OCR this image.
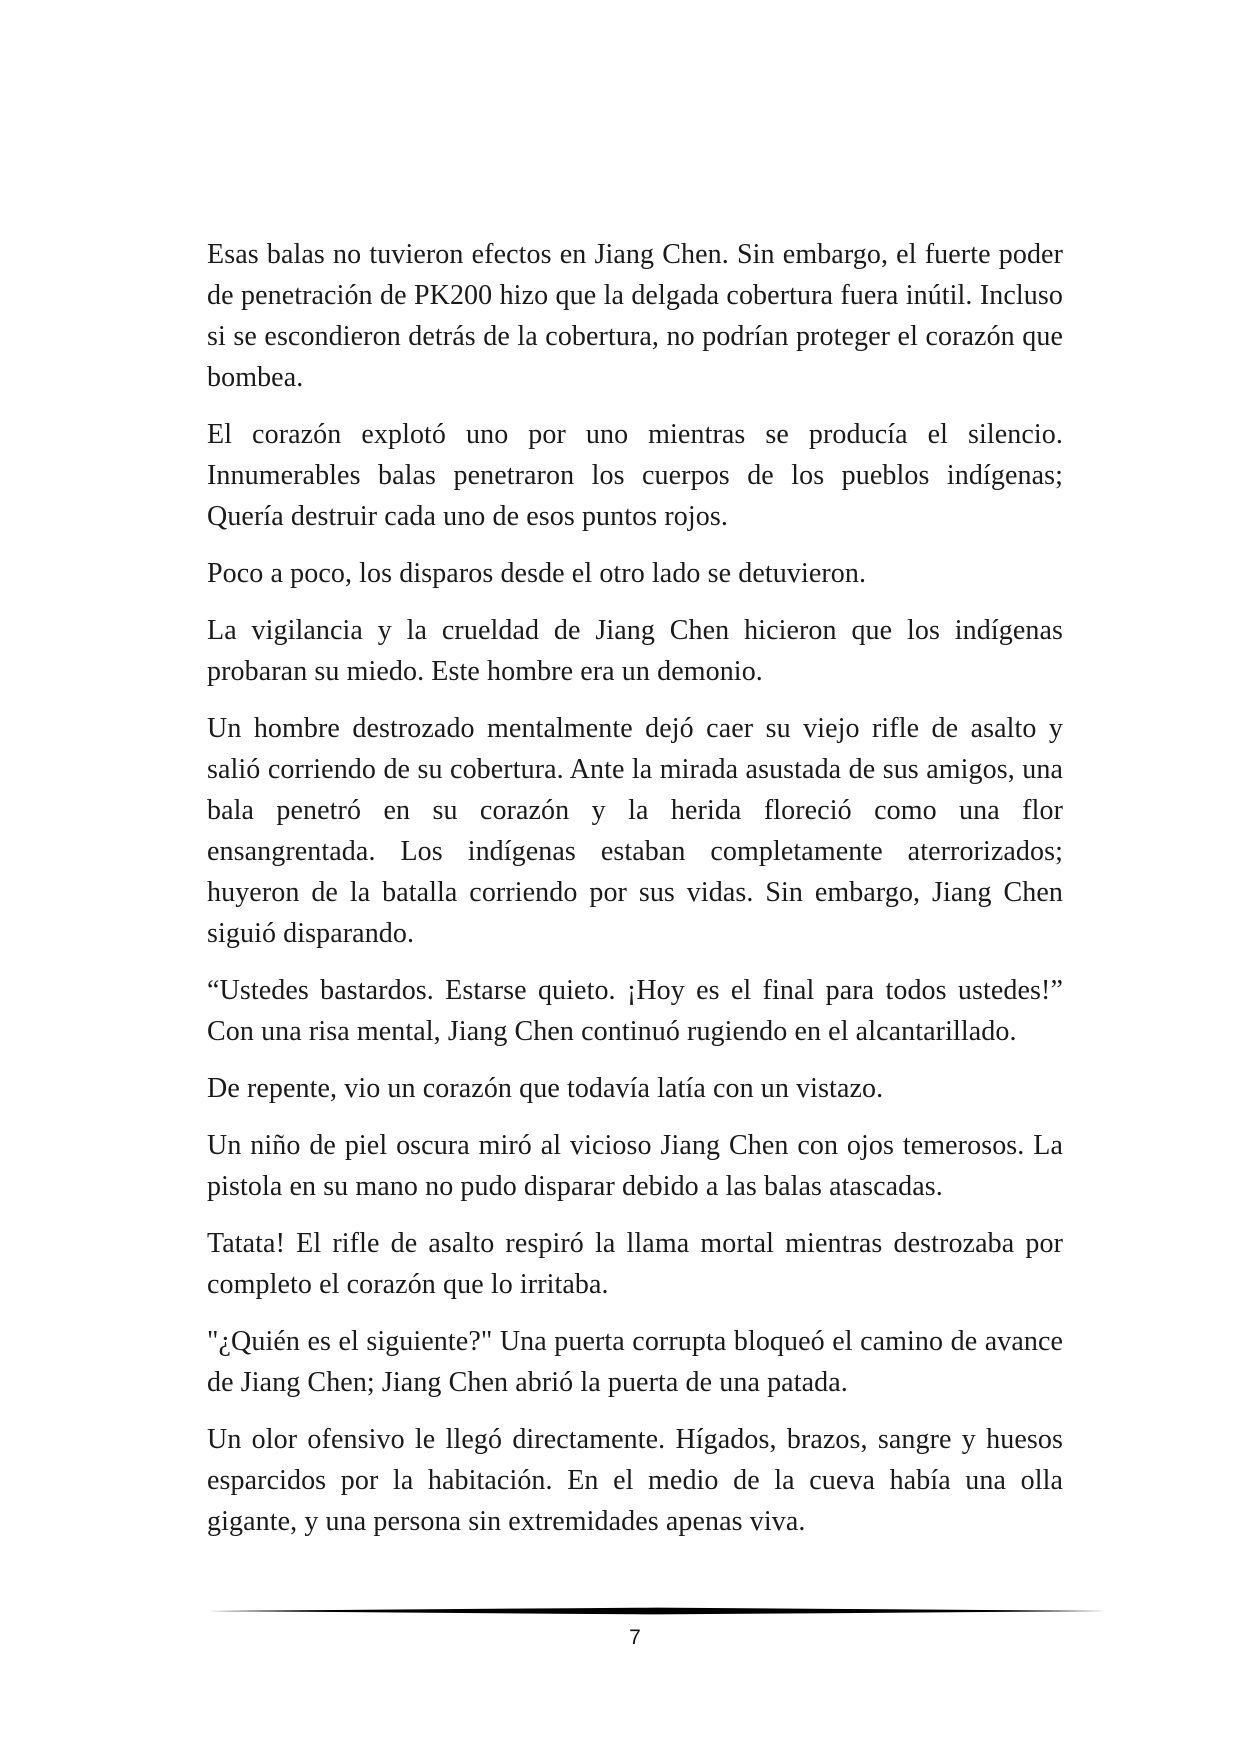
Esas balas no tuvieron efectos en Jiang Chen. Sin embargo, el fuerte poder de penetración de PK200 hizo que la delgada cobertura fuera inútil. Incluso si se escondieron detrás de la cobertura, no podrían proteger el corazón que bombea.

El corazón explotó uno por uno mientras se producía el silencio. Innumerables balas penetraron los cuerpos de los pueblos indígenas; Quería destruir cada uno de esos puntos rojos.

Poco a poco, los disparos desde el otro lado se detuvieron.

La vigilancia y la crueldad de Jiang Chen hicieron que los indígenas probaran su miedo. Este hombre era un demonio.

Un hombre destrozado mentalmente dejó caer su viejo rifle de asalto y salió corriendo de su cobertura. Ante la mirada asustada de sus amigos, una bala penetró en su corazón y la herida floreció como una flor ensangrentada. Los indígenas estaban completamente aterrorizados; huyeron de la batalla corriendo por sus vidas. Sin embargo, Jiang Chen siguió disparando.

“Ustedes bastardos. Estarse quieto. ¡Hoy es el final para todos ustedes!” Con una risa mental, Jiang Chen continuó rugiendo en el alcantarillado.

De repente, vio un corazón que todavía latía con un vistazo.

Un niño de piel oscura miró al vicioso Jiang Chen con ojos temerosos. La pistola en su mano no pudo disparar debido a las balas atascadas.

Tatata! El rifle de asalto respiró la llama mortal mientras destrozaba por completo el corazón que lo irritaba.

"¿Quién es el siguiente?" Una puerta corrupta bloqueó el camino de avance de Jiang Chen; Jiang Chen abrió la puerta de una patada.

Un olor ofensivo le llegó directamente. Hígados, brazos, sangre y huesos esparcidos por la habitación. En el medio de la cueva había una olla gigante, y una persona sin extremidades apenas viva.

7
